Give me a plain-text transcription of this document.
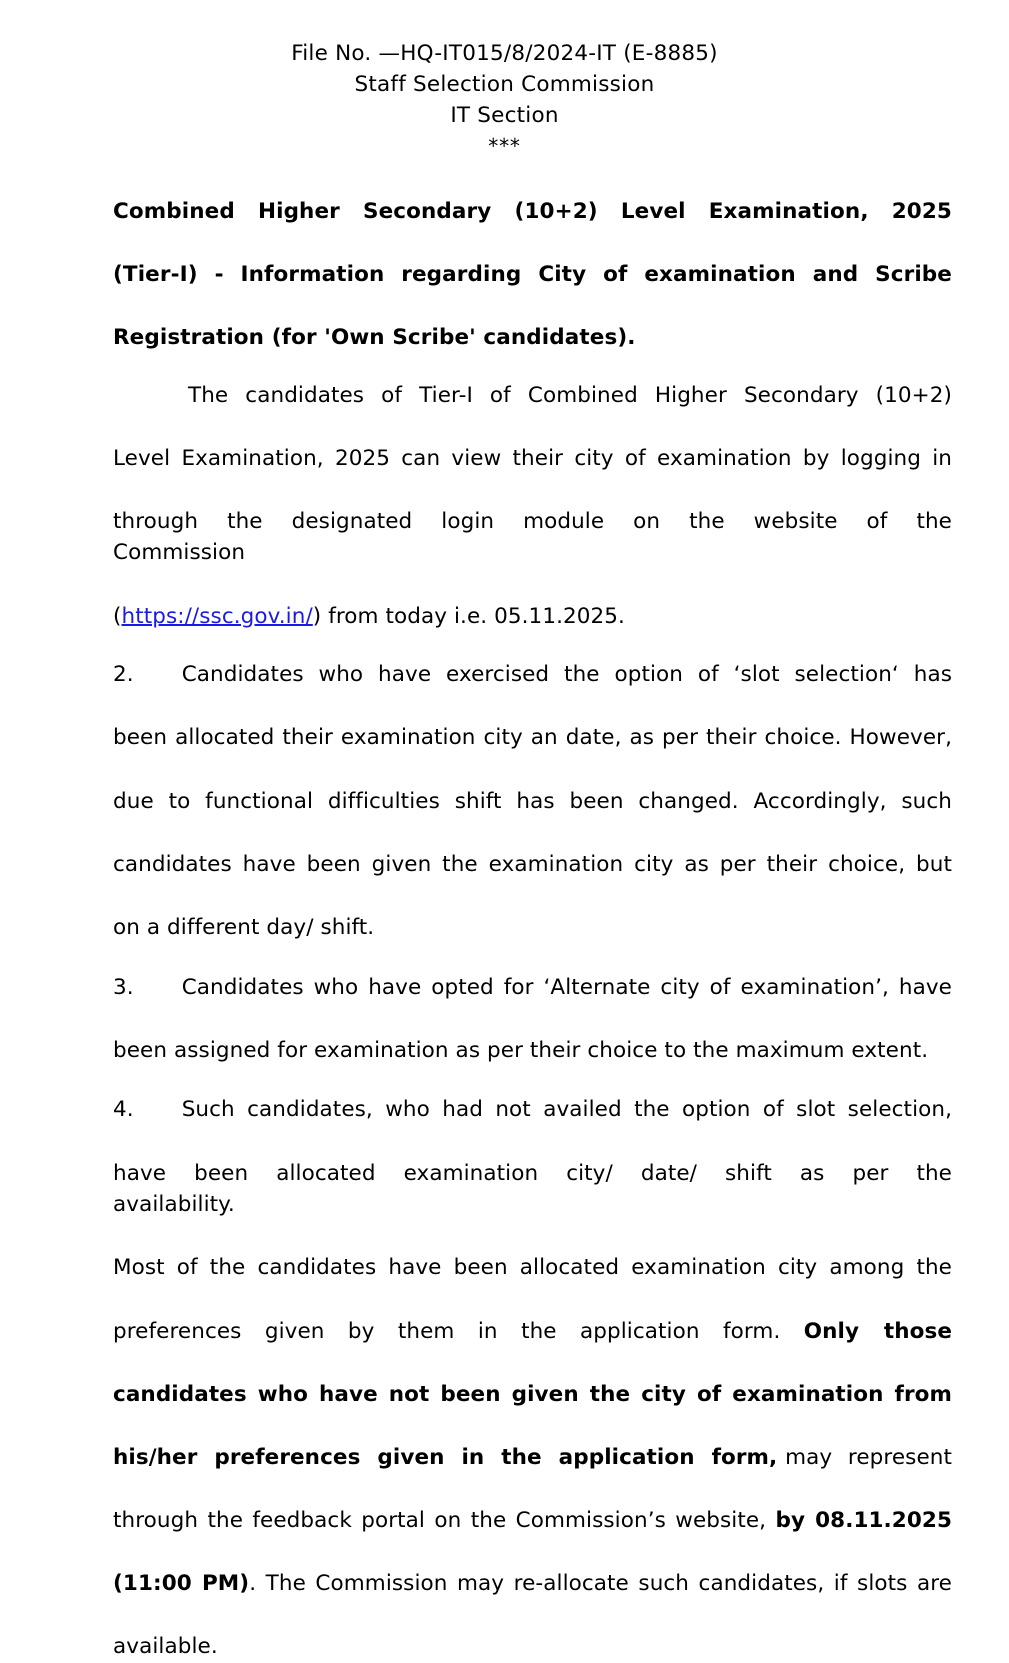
File No. —HQ-IT015/8/2024-IT (E-8885)
Staff Selection Commission
IT Section
***
Combined Higher Secondary (10+2) Level Examination, 2025
(Tier-I) - Information regarding City of examination and Scribe
Registration (for 'Own Scribe' candidates).
The  candidates  of  Tier-I  of  Combined  Higher  Secondary  (10+2)
Level Examination, 2025 can view their city of examination by logging in
through  the  designated  login  module  on  the  website  of  the  Commission
(https://ssc.gov.in/) from today i.e. 05.11.2025.
2. Candidates  who  have  exercised  the  option  of  ‘slot  selection‘  has
been allocated their examination city an date, as per their choice. However,
due  to  functional  difficulties  shift  has  been  changed.  Accordingly,  such
candidates have been given the examination city as per their choice, but
on a different day/ shift.
3. Candidates who have opted for ‘Alternate city of examination’, have
been assigned for examination as per their choice to the maximum extent.
4. Such candidates, who had not availed the option of slot selection,
have  been  allocated  examination  city/  date/  shift  as  per  the  availability.
Most of the candidates have been allocated examination city among the
preferences  given  by  them  in  the  application  form.  Only  those
candidates who have not been given the city of examination from
his/her  preferences  given  in  the  application  form, may  represent
through the feedback portal on the Commission’s website, by 08.11.2025
(11:00 PM). The Commission may re-allocate such candidates, if slots are
available.
